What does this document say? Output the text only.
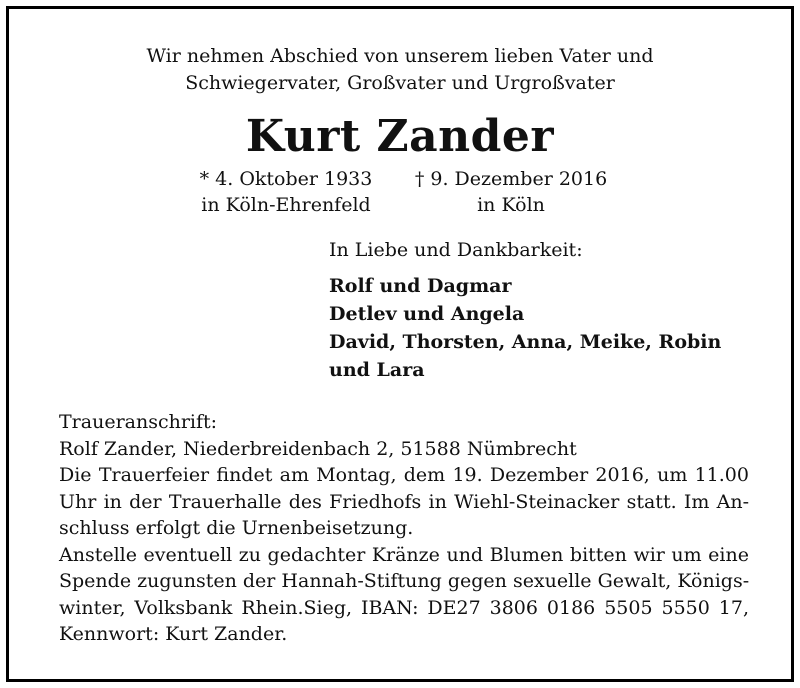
Wir nehmen Abschied von unserem lieben Vater und
Schwiegervater, Großvater und Urgroßvater
Kurt Zander
* 4. Oktober 1933
in Köln-Ehrenfeld
† 9. Dezember 2016
in Köln
In Liebe und Dankbarkeit:
Rolf und Dagmar
Detlev und Angela
David, Thorsten, Anna, Meike, Robin
und Lara
Traueranschrift:
Rolf Zander, Niederbreidenbach 2, 51588 Nümbrecht
Die Trauerfeier findet am Montag, dem 19. Dezember 2016, um 11.00
Uhr in der Trauerhalle des Friedhofs in Wiehl-Steinacker statt. Im An-
schluss erfolgt die Urnenbeisetzung.
Anstelle eventuell zu gedachter Kränze und Blumen bitten wir um eine
Spende zugunsten der Hannah-Stiftung gegen sexuelle Gewalt, Königs-
winter, Volksbank Rhein.Sieg, IBAN: DE27 3806 0186 5505 5550 17,
Kennwort: Kurt Zander.
